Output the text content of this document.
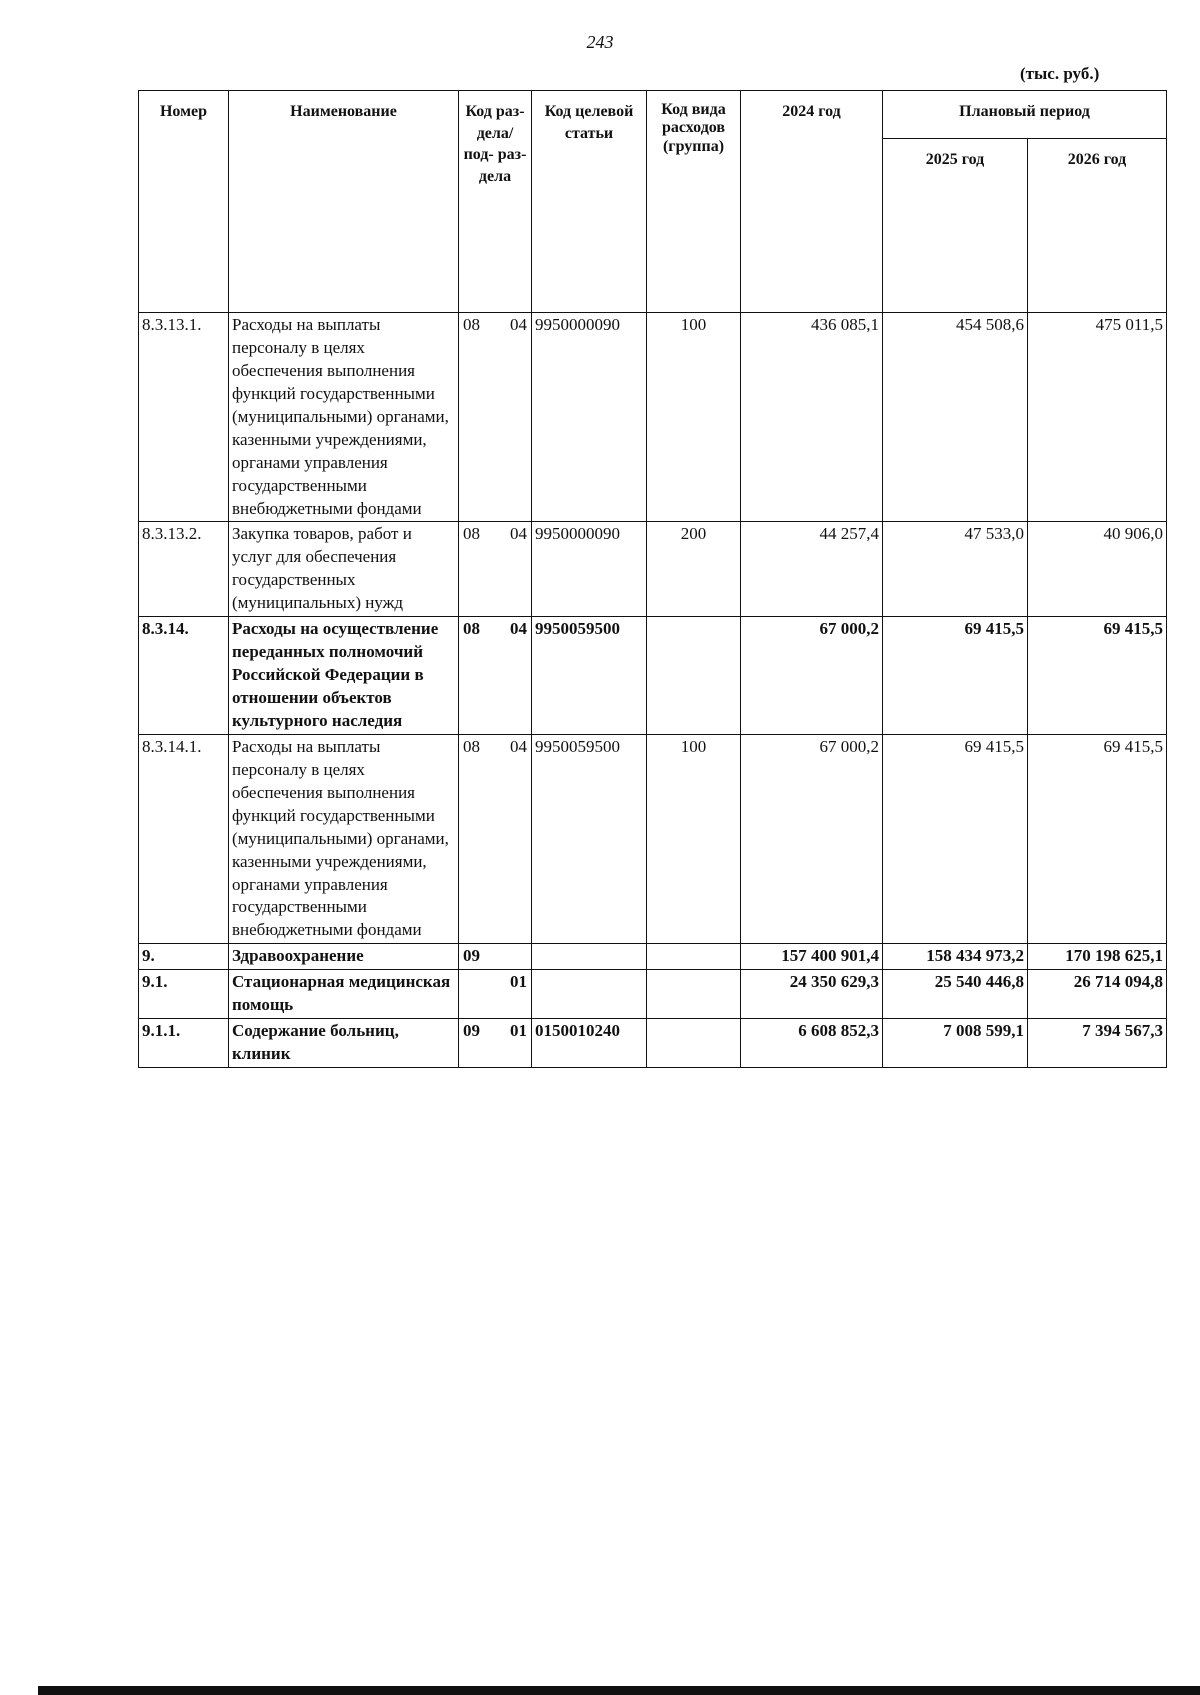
243
(тыс. руб.)
Номер	Наименование	Код раз- дела/ под- раз- дела	Код целевой статьи	Код вида расходов (группа)	2024 год	Плановый период	
						2025 год	2026 год
8.3.13.1.	Расходы на выплаты персоналу в целях обеспечения выполнения функций государственными (муниципальными) органами, казенными учреждениями, органами управления государственными внебюджетными фондами	08 04	9950000090	100	436 085,1	454 508,6	475 011,5
8.3.13.2.	Закупка товаров, работ и услуг для обеспечения государственных (муниципальных) нужд	08 04	9950000090	200	44 257,4	47 533,0	40 906,0
8.3.14.	Расходы на осуществление переданных полномочий Российской Федерации в отношении объектов культурного наследия	08 04	9950059500		67 000,2	69 415,5	69 415,5
8.3.14.1.	Расходы на выплаты персоналу в целях обеспечения выполнения функций государственными (муниципальными) органами, казенными учреждениями, органами управления государственными внебюджетными фондами	08 04	9950059500	100	67 000,2	69 415,5	69 415,5
9.	Здравоохранение	09			157 400 901,4	158 434 973,2	170 198 625,1
9.1.	Стационарная медицинская помощь	01			24 350 629,3	25 540 446,8	26 714 094,8
9.1.1.	Содержание больниц, клиник	09 01	0150010240		6 608 852,3	7 008 599,1	7 394 567,3
